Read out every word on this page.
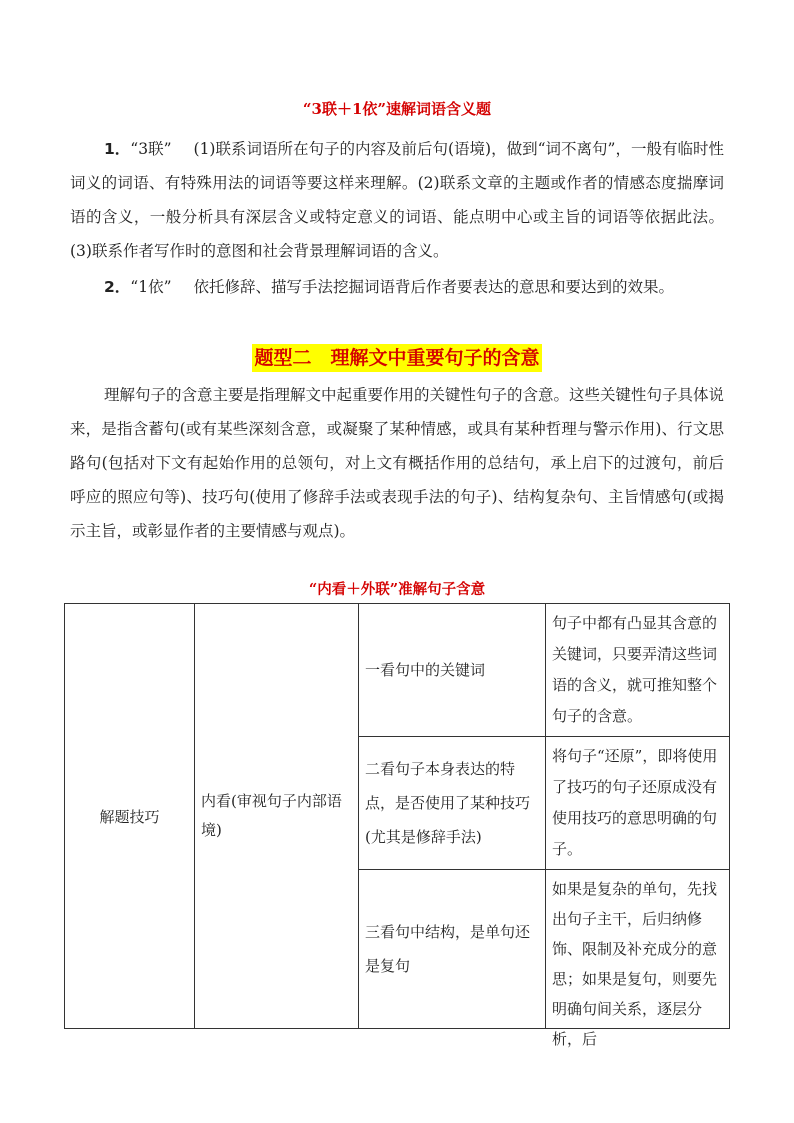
“3联＋1依”速解词语含义题

1．“3联” (1)联系词语所在句子的内容及前后句(语境)，做到“词不离句”，一般有临时性词义的词语、有特殊用法的词语等要这样来理解。(2)联系文章的主题或作者的情感态度揣摩词语的含义，一般分析具有深层含义或特定意义的词语、能点明中心或主旨的词语等依据此法。(3)联系作者写作时的意图和社会背景理解词语的含义。

2．“1依” 依托修辞、描写手法挖掘词语背后作者要表达的意思和要达到的效果。

题型二　理解文中重要句子的含意

理解句子的含意主要是指理解文中起重要作用的关键性句子的含意。这些关键性句子具体说来，是指含蓄句(或有某些深刻含意，或凝聚了某种情感，或具有某种哲理与警示作用)、行文思路句(包括对下文有起始作用的总领句，对上文有概括作用的总结句，承上启下的过渡句，前后呼应的照应句等)、技巧句(使用了修辞手法或表现手法的句子)、结构复杂句、主旨情感句(或揭示主旨，或彰显作者的主要情感与观点)。

“内看＋外联”准解句子含意
解题技巧	内看(审视句子内部语境)	一看句中的关键词	句子中都有凸显其含意的关键词，只要弄清这些词语的含义，就可推知整个句子的含意。
		二看句子本身表达的特点，是否使用了某种技巧(尤其是修辞手法)	将句子“还原”，即将使用了技巧的句子还原成没有使用技巧的意思明确的句子。
		三看句中结构，是单句还是复句	如果是复杂的单句，先找出句子主干，后归纳修饰、限制及补充成分的意思；如果是复句，则要先明确句间关系，逐层分析，后
